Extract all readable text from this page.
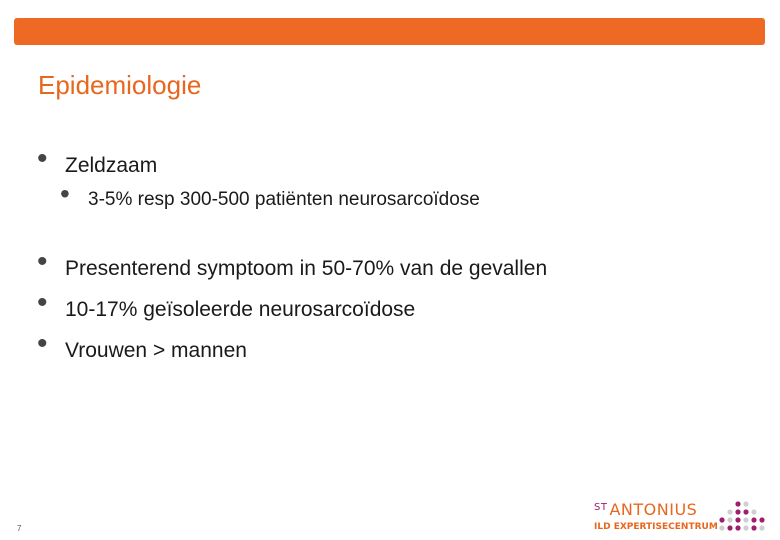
Epidemiologie
• Zeldzaam
• 3-5% resp 300-500 patiënten neurosarcoïdose
• Presenterend symptoom in 50-70% van de gevallen
• 10-17% geïsoleerde neurosarcoïdose
• Vrouwen > mannen
7
$^{ST}$ ANTONIUS
ILD EXPERTISECENTRUM
